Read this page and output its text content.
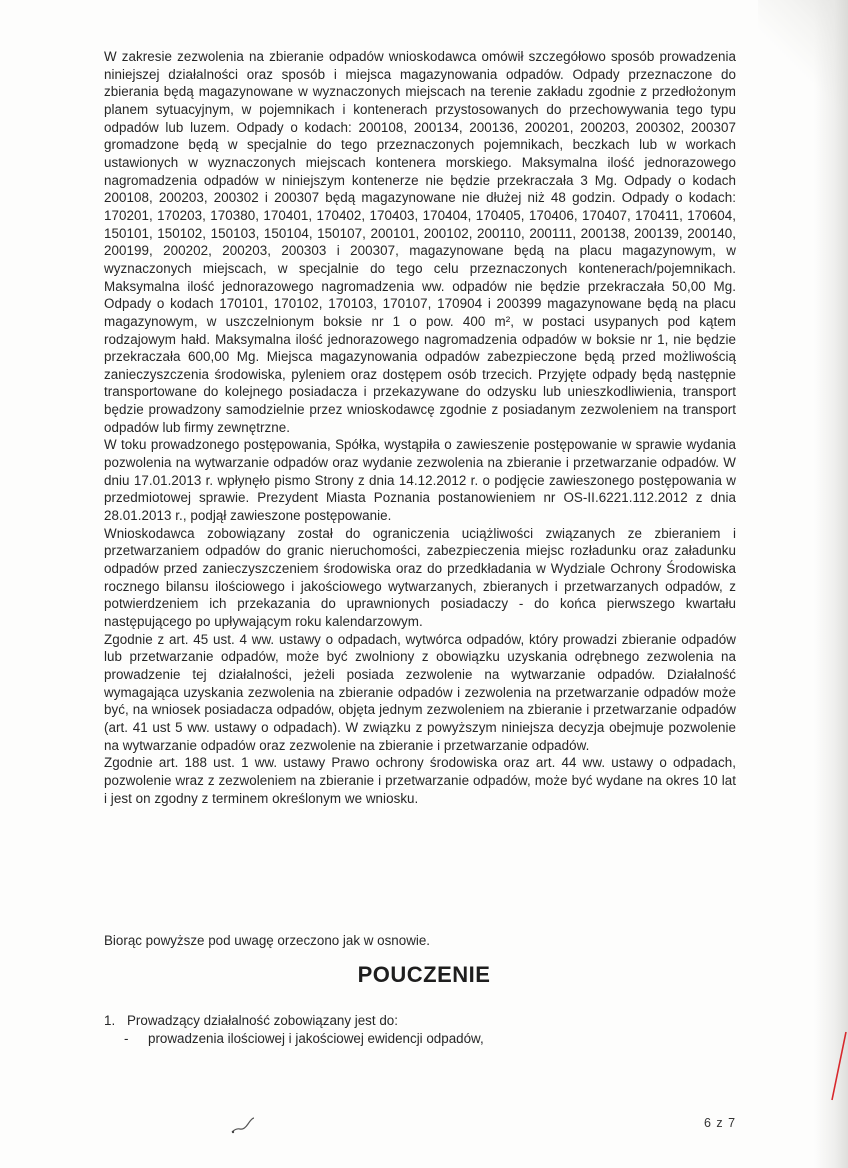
W zakresie zezwolenia na zbieranie odpadów wnioskodawca omówił szczegółowo sposób prowadzenia niniejszej działalności oraz sposób i miejsca magazynowania odpadów. Odpady przeznaczone do zbierania będą magazynowane w wyznaczonych miejscach na terenie zakładu zgodnie z przedłożonym planem sytuacyjnym, w pojemnikach i kontenerach przystosowanych do przechowywania tego typu odpadów lub luzem. Odpady o kodach: 200108, 200134, 200136, 200201, 200203, 200302, 200307 gromadzone będą w specjalnie do tego przeznaczonych pojemnikach, beczkach lub w workach ustawionych w wyznaczonych miejscach kontenera morskiego. Maksymalna ilość jednorazowego nagromadzenia odpadów w niniejszym kontenerze nie będzie przekraczała 3 Mg. Odpady o kodach 200108, 200203, 200302 i 200307 będą magazynowane nie dłużej niż 48 godzin. Odpady o kodach: 170201, 170203, 170380, 170401, 170402, 170403, 170404, 170405, 170406, 170407, 170411, 170604, 150101, 150102, 150103, 150104, 150107, 200101, 200102, 200110, 200111, 200138, 200139, 200140, 200199, 200202, 200203, 200303 i 200307, magazynowane będą na placu magazynowym, w wyznaczonych miejscach, w specjalnie do tego celu przeznaczonych kontenerach/pojemnikach. Maksymalna ilość jednorazowego nagromadzenia ww. odpadów nie będzie przekraczała 50,00 Mg. Odpady o kodach 170101, 170102, 170103, 170107, 170904 i 200399 magazynowane będą na placu magazynowym, w uszczelnionym boksie nr 1 o pow. 400 m², w postaci usypanych pod kątem rodzajowym hałd. Maksymalna ilość jednorazowego nagromadzenia odpadów w boksie nr 1, nie będzie przekraczała 600,00 Mg. Miejsca magazynowania odpadów zabezpieczone będą przed możliwością zanieczyszczenia środowiska, pyleniem oraz dostępem osób trzecich. Przyjęte odpady będą następnie transportowane do kolejnego posiadacza i przekazywane do odzysku lub unieszkodliwienia, transport będzie prowadzony samodzielnie przez wnioskodawcę zgodnie z posiadanym zezwoleniem na transport odpadów lub firmy zewnętrzne.

W toku prowadzonego postępowania, Spółka, wystąpiła o zawieszenie postępowanie w sprawie wydania pozwolenia na wytwarzanie odpadów oraz wydanie zezwolenia na zbieranie i przetwarzanie odpadów. W dniu 17.01.2013 r. wpłynęło pismo Strony z dnia 14.12.2012 r. o podjęcie zawieszonego postępowania w przedmiotowej sprawie. Prezydent Miasta Poznania postanowieniem nr OS-II.6221.112.2012 z dnia 28.01.2013 r., podjął zawieszone postępowanie.

Wnioskodawca zobowiązany został do ograniczenia uciążliwości związanych ze zbieraniem i przetwarzaniem odpadów do granic nieruchomości, zabezpieczenia miejsc rozładunku oraz załadunku odpadów przed zanieczyszczeniem środowiska oraz do przedkładania w Wydziale Ochrony Środowiska rocznego bilansu ilościowego i jakościowego wytwarzanych, zbieranych i przetwarzanych odpadów, z potwierdzeniem ich przekazania do uprawnionych posiadaczy - do końca pierwszego kwartału następującego po upływającym roku kalendarzowym.

Zgodnie z art. 45 ust. 4 ww. ustawy o odpadach, wytwórca odpadów, który prowadzi zbieranie odpadów lub przetwarzanie odpadów, może być zwolniony z obowiązku uzyskania odrębnego zezwolenia na prowadzenie tej działalności, jeżeli posiada zezwolenie na wytwarzanie odpadów. Działalność wymagająca uzyskania zezwolenia na zbieranie odpadów i zezwolenia na przetwarzanie odpadów może być, na wniosek posiadacza odpadów, objęta jednym zezwoleniem na zbieranie i przetwarzanie odpadów (art. 41 ust 5 ww. ustawy o odpadach). W związku z powyższym niniejsza decyzja obejmuje pozwolenie na wytwarzanie odpadów oraz zezwolenie na zbieranie i przetwarzanie odpadów.

Zgodnie art. 188 ust. 1 ww. ustawy Prawo ochrony środowiska oraz art. 44 ww. ustawy o odpadach, pozwolenie wraz z zezwoleniem na zbieranie i przetwarzanie odpadów, może być wydane na okres 10 lat i jest on zgodny z terminem określonym we wniosku.

Biorąc powyższe pod uwagę orzeczono jak w osnowie.

POUCZENIE
1. Prowadzący działalność zobowiązany jest do:
-	prowadzenia ilościowej i jakościowej ewidencji odpadów,
6 z 7
